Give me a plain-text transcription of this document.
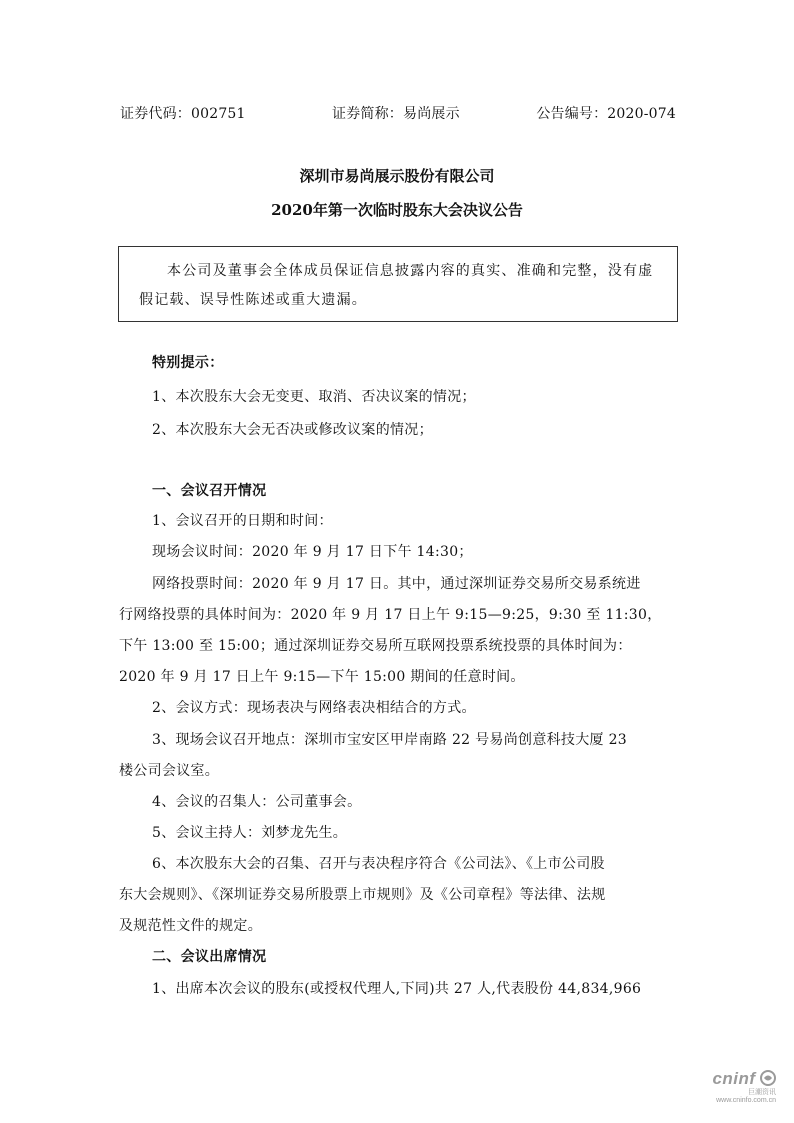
证券代码：002751	证券简称：易尚展示	公告编号：2020-074
深圳市易尚展示股份有限公司
2020年第一次临时股东大会决议公告
本公司及董事会全体成员保证信息披露内容的真实、准确和完整，没有虚假记载、误导性陈述或重大遗漏。
特别提示：
1、本次股东大会无变更、取消、否决议案的情况；
2、本次股东大会无否决或修改议案的情况；
一、会议召开情况
1、会议召开的日期和时间：
现场会议时间：2020 年 9 月 17 日下午 14:30；
网络投票时间：2020 年 9 月 17 日。其中，通过深圳证券交易所交易系统进
行网络投票的具体时间为：2020 年 9 月 17 日上午 9:15—9:25，9:30 至 11:30，
下午 13:00 至 15:00；通过深圳证券交易所互联网投票系统投票的具体时间为：
2020 年 9 月 17 日上午 9:15—下午 15:00 期间的任意时间。
2、会议方式：现场表决与网络表决相结合的方式。
3、现场会议召开地点：深圳市宝安区甲岸南路 22 号易尚创意科技大厦 23
楼公司会议室。
4、会议的召集人：公司董事会。
5、会议主持人：刘梦龙先生。
6、本次股东大会的召集、召开与表决程序符合《公司法》、《上市公司股
东大会规则》、《深圳证券交易所股票上市规则》及《公司章程》等法律、法规
及规范性文件的规定。
二、会议出席情况
1、出席本次会议的股东(或授权代理人,下同)共 27 人,代表股份 44,834,966
cninf
巨潮资讯
www.cninfo.com.cn
